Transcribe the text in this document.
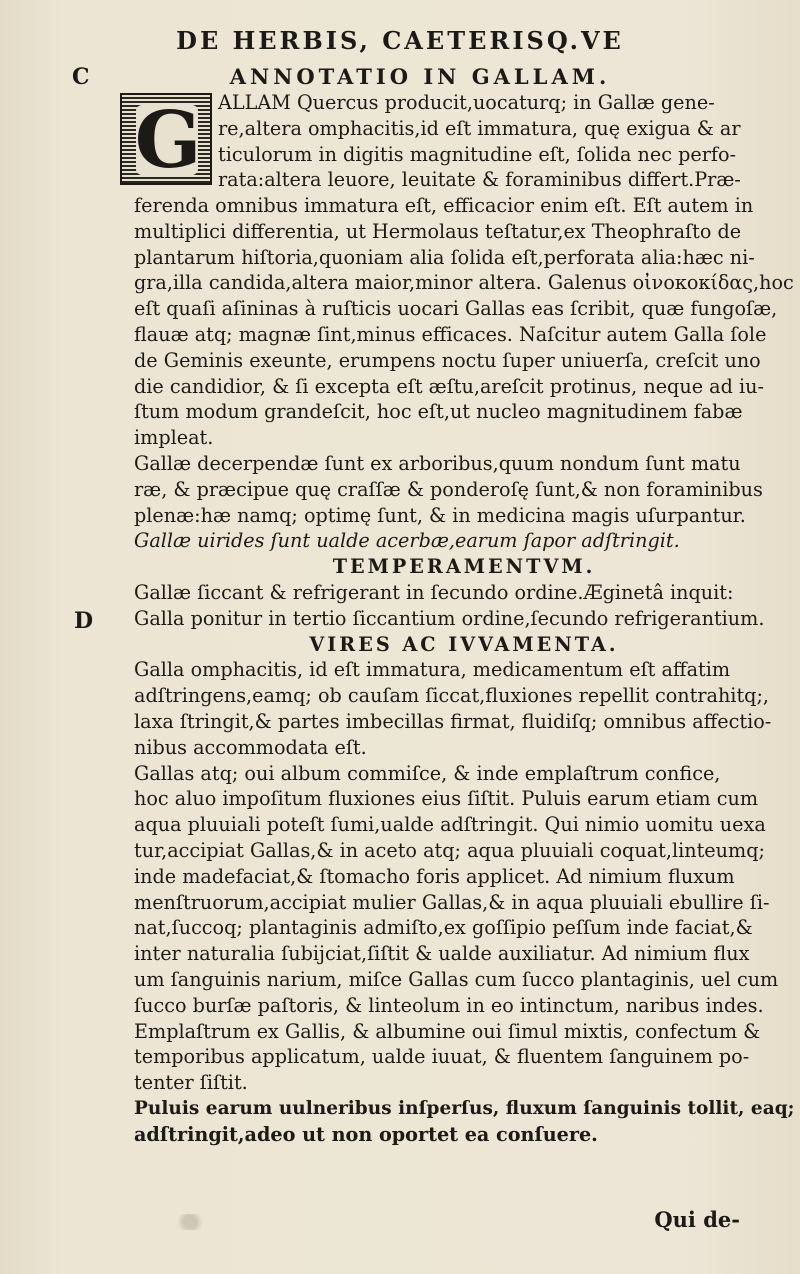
DE HERBIS, CAETERISQ.VE
C
D
ANNOTATIO IN GALLAM.
G ALLAM Quercus producit,uocaturq; in Gallæ gene-
re,altera omphacitis,id eſt immatura, quę exigua & ar
ticulorum in digitis magnitudine eſt, ſolida nec perfo-
rata:altera leuore, leuitate & foraminibus differt.Præ-
ferenda omnibus immatura eſt, efficacior enim eſt. Eſt autem in
multiplici differentia, ut Hermolaus teſtatur,ex Theophraſto de
plantarum hiſtoria,quoniam alia ſolida eſt,perforata alia:hæc ni-
gra,illa candida,altera maior,minor altera. Galenus οἰνοκοκίδας,hoc
eſt quaſi aſininas à ruſticis uocari Gallas eas ſcribit, quæ fungoſæ,
flauæ atq; magnæ ſint,minus efficaces. Naſcitur autem Galla ſole
de Geminis exeunte, erumpens noctu ſuper uniuerſa, creſcit uno
die candidior, & ſi excepta eſt æſtu,areſcit protinus, neque ad iu-
ſtum modum grandeſcit, hoc eſt,ut nucleo magnitudinem fabæ
impleat.
Gallæ decerpendæ ſunt ex arboribus,quum nondum ſunt matu
ræ, & præcipue quę craſſæ & ponderoſę ſunt,& non foraminibus
plenæ:hæ namq; optimę ſunt, & in medicina magis uſurpantur.
Gallæ uirides ſunt ualde acerbæ,earum ſapor adſtringit.
TEMPERAMENTVM.
Gallæ ſiccant & refrigerant in ſecundo ordine.Æginetâ inquit:
Galla ponitur in tertio ſiccantium ordine,ſecundo refrigerantium.
VIRES AC IVVAMENTA.
Galla omphacitis, id eſt immatura, medicamentum eſt affatim
adſtringens,eamq; ob cauſam ſiccat,fluxiones repellit contrahitq;,
laxa ſtringit,& partes imbecillas firmat, fluidiſq; omnibus affectio-
nibus accommodata eſt.
Gallas atq; oui album commiſce, & inde emplaſtrum confice,
hoc aluo impoſitum fluxiones eius ſiſtit. Puluis earum etiam cum
aqua pluuiali poteſt ſumi,ualde adſtringit. Qui nimio uomitu uexa
tur,accipiat Gallas,& in aceto atq; aqua pluuiali coquat,linteumq;
inde madefaciat,& ſtomacho foris applicet. Ad nimium fluxum
menſtruorum,accipiat mulier Gallas,& in aqua pluuiali ebullire ſi-
nat,ſuccoq; plantaginis admiſto,ex goſſipio peſſum inde faciat,&
inter naturalia ſubijciat,ſiſtit & ualde auxiliatur. Ad nimium flux
um ſanguinis narium, miſce Gallas cum ſucco plantaginis, uel cum
ſucco burſæ paſtoris, & linteolum in eo intinctum, naribus indes.
Emplaſtrum ex Gallis, & albumine oui ſimul mixtis, confectum &
temporibus applicatum, ualde iuuat, & fluentem ſanguinem po-
tenter ſiſtit.
Puluis earum uulneribus inſperſus, fluxum ſanguinis tollit, eaq;
adſtringit,adeo ut non oportet ea conſuere.
Qui de-
